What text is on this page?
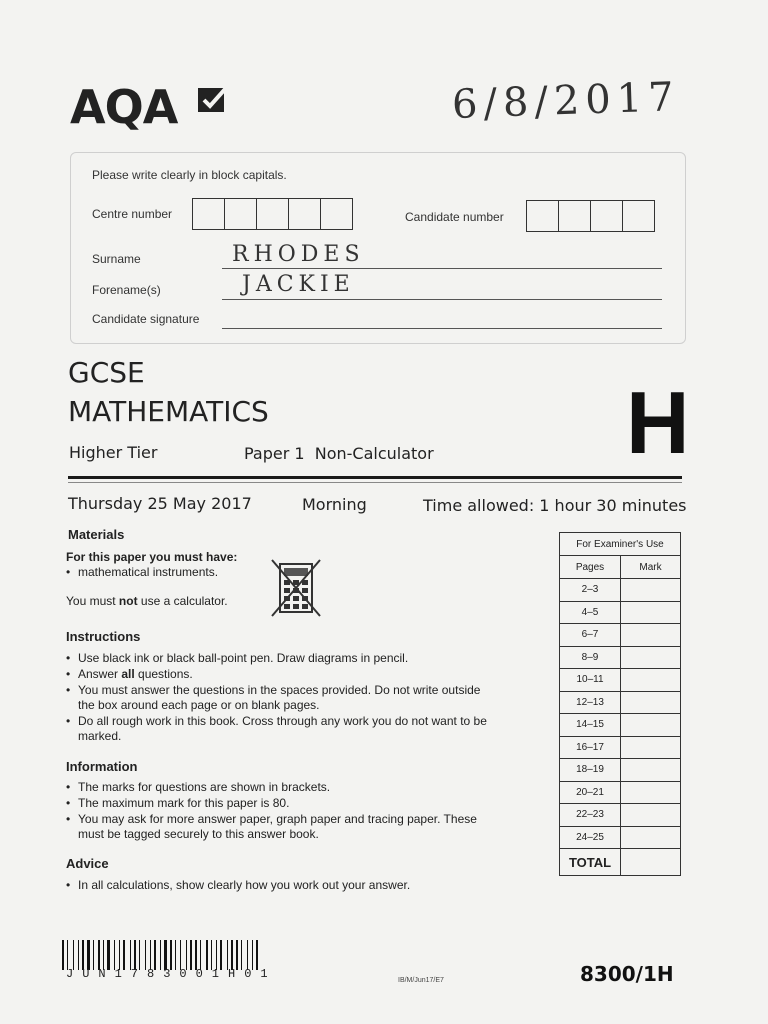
AQA	6/8/2017
Please write clearly in block capitals.
Centre number	Candidate number
Surname	RHODES
Forename(s)	JACKIE
Candidate signature
GCSE
MATHEMATICS
Higher Tier	Paper 1  Non-Calculator H
Thursday 25 May 2017	Morning	Time allowed: 1 hour 30 minutes
Materials
For this paper you must have:
• mathematical instruments.
You must not use a calculator.
Instructions
• Use black ink or black ball-point pen. Draw diagrams in pencil.
• Answer all questions.
• You must answer the questions in the spaces provided. Do not write outside the box around each page or on blank pages.
• Do all rough work in this book. Cross through any work you do not want to be marked.
Information
• The marks for questions are shown in brackets.
• The maximum mark for this paper is 80.
• You may ask for more answer paper, graph paper and tracing paper. These must be tagged securely to this answer book.
Advice
• In all calculations, show clearly how you work out your answer.
For Examiner's Use	
Pages	Mark
2–3	
4–5	
6–7	
8–9	
10–11	
12–13	
14–15	
16–17	
18–19	
20–21	
22–23	
24–25	
TOTAL	
JUN1783001H01	IB/M/Jun17/E7	8300/1H
